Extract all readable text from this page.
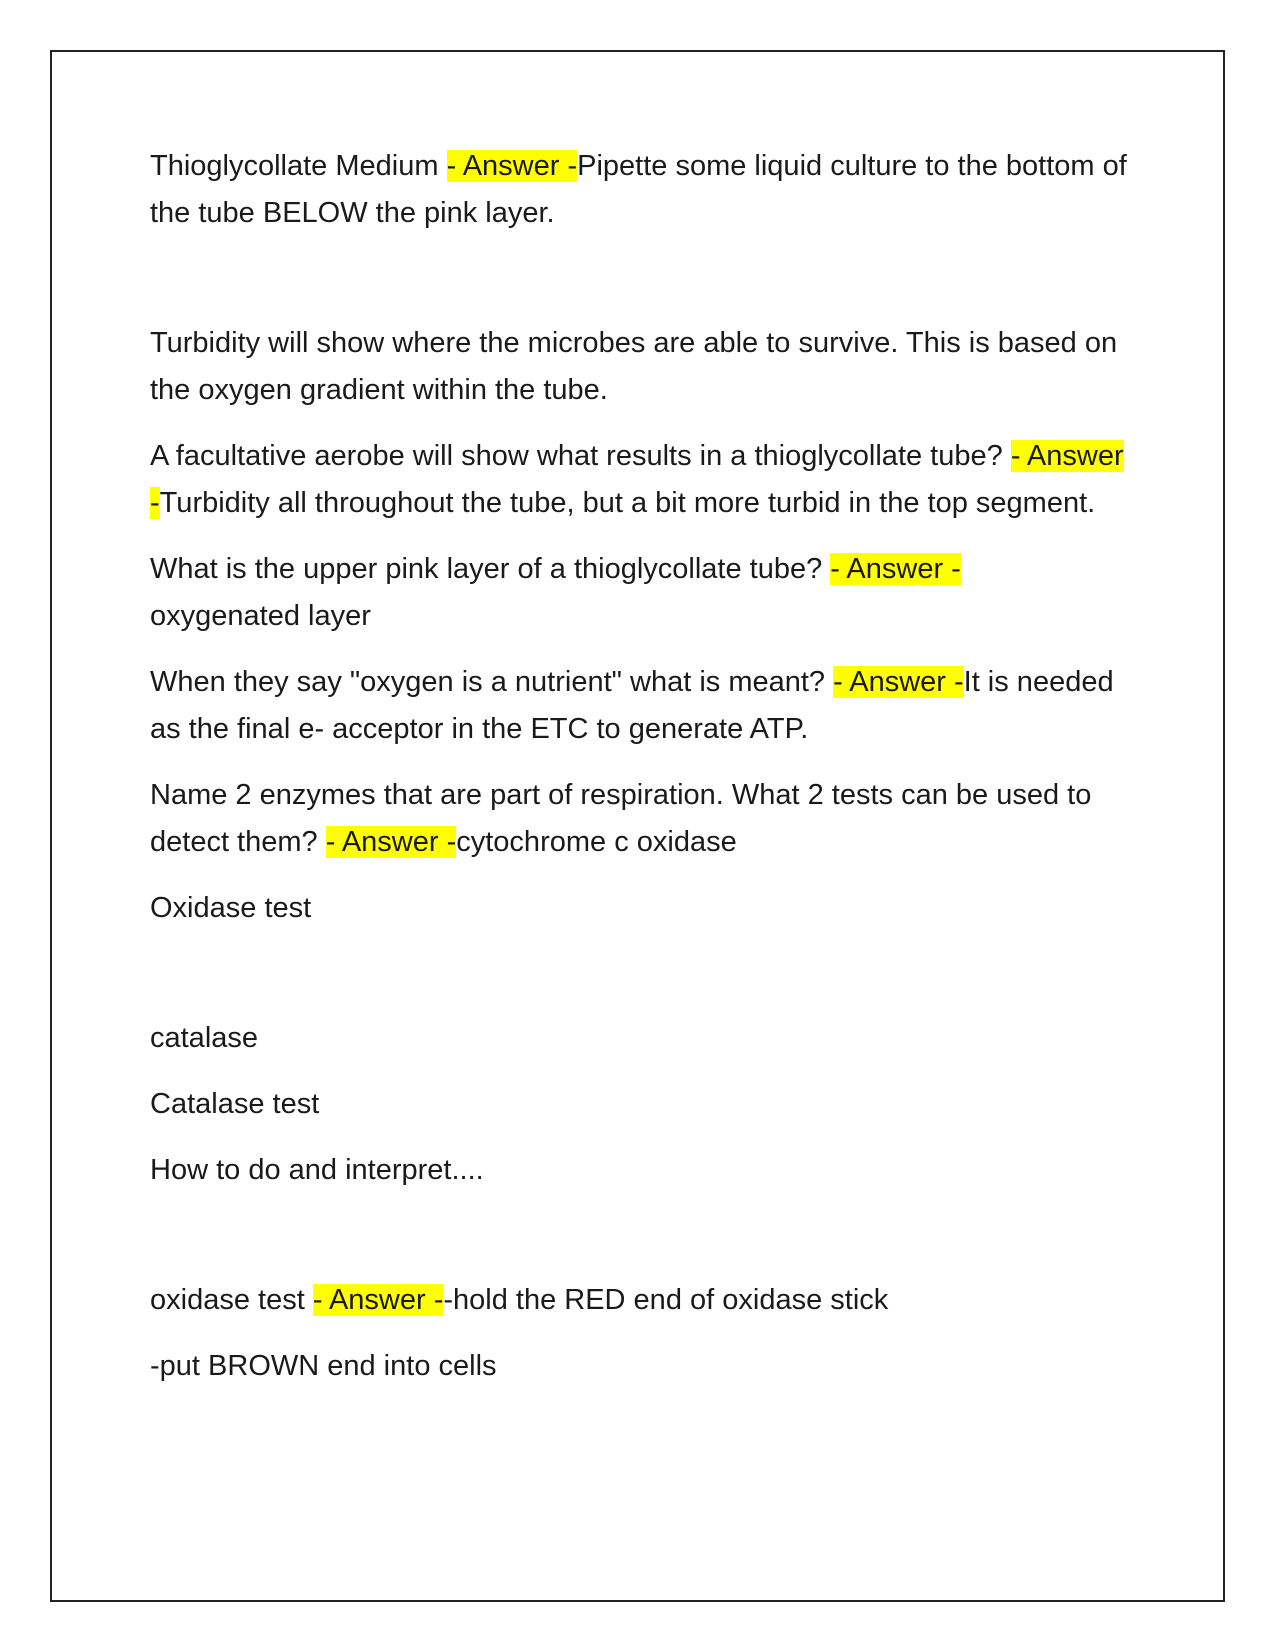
Thioglycollate Medium - Answer -Pipette some liquid culture to the bottom of the tube BELOW the pink layer.

Turbidity will show where the microbes are able to survive. This is based on the oxygen gradient within the tube.

A facultative aerobe will show what results in a thioglycollate tube? - Answer -Turbidity all throughout the tube, but a bit more turbid in the top segment.

What is the upper pink layer of a thioglycollate tube? - Answer -
oxygenated layer

When they say "oxygen is a nutrient" what is meant? - Answer -It is needed as the final e- acceptor in the ETC to generate ATP.

Name 2 enzymes that are part of respiration. What 2 tests can be used to detect them? - Answer -cytochrome c oxidase

Oxidase test

catalase

Catalase test

How to do and interpret....

oxidase test - Answer --hold the RED end of oxidase stick

-put BROWN end into cells
